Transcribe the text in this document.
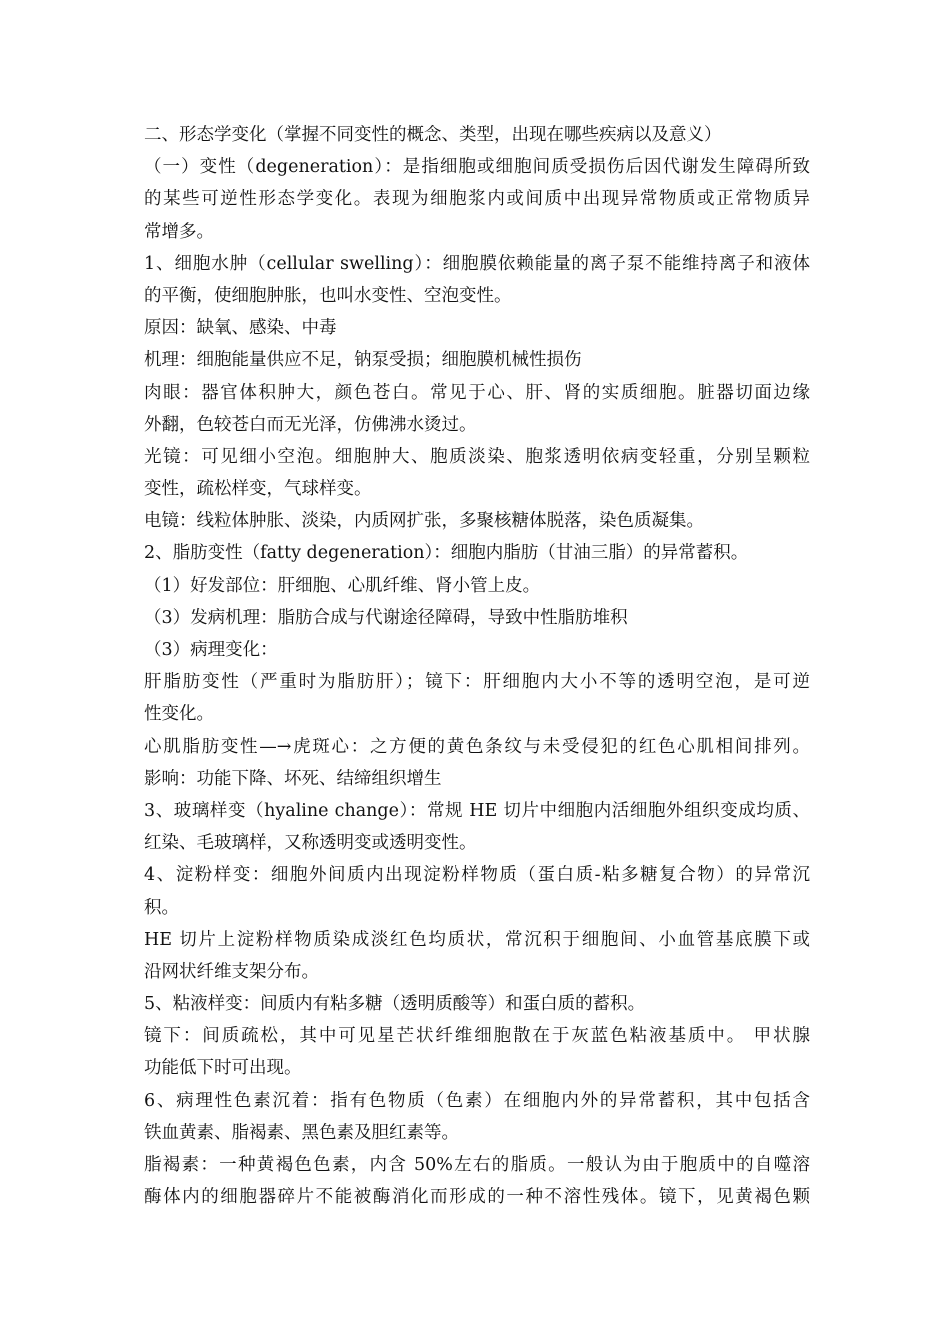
二、形态学变化（掌握不同变性的概念、类型，出现在哪些疾病以及意义）
（一）变性（degeneration）：是指细胞或细胞间质受损伤后因代谢发生障碍所致
的某些可逆性形态学变化。表现为细胞浆内或间质中出现异常物质或正常物质异
常增多。
1、细胞水肿（cellular swelling）：细胞膜依赖能量的离子泵不能维持离子和液体
的平衡，使细胞肿胀，也叫水变性、空泡变性。
原因：缺氧、感染、中毒
机理：细胞能量供应不足，钠泵受损；细胞膜机械性损伤
肉眼：器官体积肿大，颜色苍白。常见于心、肝、肾的实质细胞。脏器切面边缘
外翻，色较苍白而无光泽，仿佛沸水烫过。
光镜：可见细小空泡。细胞肿大、胞质淡染、胞浆透明依病变轻重，分别呈颗粒
变性，疏松样变，气球样变。
电镜：线粒体肿胀、淡染，内质网扩张，多聚核糖体脱落，染色质凝集。
2、脂肪变性（fatty degeneration）：细胞内脂肪（甘油三脂）的异常蓄积。
（1）好发部位：肝细胞、心肌纤维、肾小管上皮。
（3）发病机理：脂肪合成与代谢途径障碍，导致中性脂肪堆积
（3）病理变化：
肝脂肪变性（严重时为脂肪肝）；镜下：肝细胞内大小不等的透明空泡，是可逆
性变化。
心肌脂肪变性—→虎斑心：之方便的黄色条纹与未受侵犯的红色心肌相间排列。
影响：功能下降、坏死、结缔组织增生
3、玻璃样变（hyaline change）：常规 HE 切片中细胞内活细胞外组织变成均质、
红染、毛玻璃样，又称透明变或透明变性。
4、淀粉样变：细胞外间质内出现淀粉样物质（蛋白质-粘多糖复合物）的异常沉
积。
HE 切片上淀粉样物质染成淡红色均质状，常沉积于细胞间、小血管基底膜下或
沿网状纤维支架分布。
5、粘液样变：间质内有粘多糖（透明质酸等）和蛋白质的蓄积。
镜下：间质疏松，其中可见星芒状纤维细胞散在于灰蓝色粘液基质中。 甲状腺
功能低下时可出现。
6、病理性色素沉着：指有色物质（色素）在细胞内外的异常蓄积，其中包括含
铁血黄素、脂褐素、黑色素及胆红素等。
脂褐素：一种黄褐色色素，内含 50%左右的脂质。一般认为由于胞质中的自噬溶
酶体内的细胞器碎片不能被酶消化而形成的一种不溶性残体。镜下，见黄褐色颗
